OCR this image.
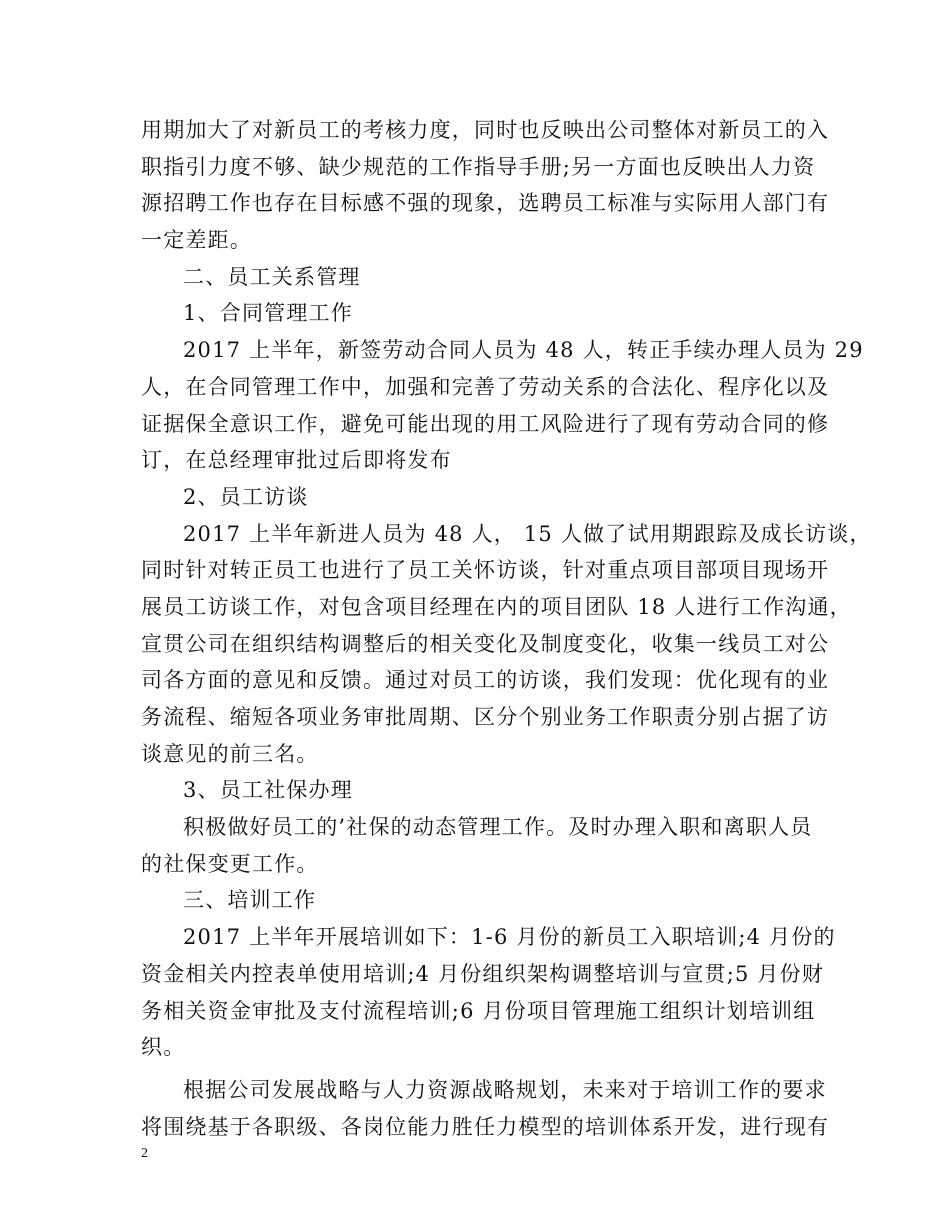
用期加大了对新员工的考核力度，同时也反映出公司整体对新员工的入
职指引力度不够、缺少规范的工作指导手册;另一方面也反映出人力资
源招聘工作也存在目标感不强的现象，选聘员工标准与实际用人部门有
一定差距。
二、员工关系管理
1、合同管理工作
2017 上半年，新签劳动合同人员为 48 人，转正手续办理人员为 29
人，在合同管理工作中，加强和完善了劳动关系的合法化、程序化以及
证据保全意识工作，避免可能出现的用工风险进行了现有劳动合同的修
订，在总经理审批过后即将发布
2、员工访谈
2017 上半年新进人员为 48 人， 15 人做了试用期跟踪及成长访谈，
同时针对转正员工也进行了员工关怀访谈，针对重点项目部项目现场开
展员工访谈工作，对包含项目经理在内的项目团队 18 人进行工作沟通，
宣贯公司在组织结构调整后的相关变化及制度变化，收集一线员工对公
司各方面的意见和反馈。通过对员工的访谈，我们发现：优化现有的业
务流程、缩短各项业务审批周期、区分个别业务工作职责分别占据了访
谈意见的前三名。
3、员工社保办理
积极做好员工的’社保的动态管理工作。及时办理入职和离职人员
的社保变更工作。
三、培训工作
2017 上半年开展培训如下：1-6 月份的新员工入职培训;4 月份的
资金相关内控表单使用培训;4 月份组织架构调整培训与宣贯;5 月份财
务相关资金审批及支付流程培训;6 月份项目管理施工组织计划培训组
织。
根据公司发展战略与人力资源战略规划，未来对于培训工作的要求
将围绕基于各职级、各岗位能力胜任力模型的培训体系开发，进行现有
2
